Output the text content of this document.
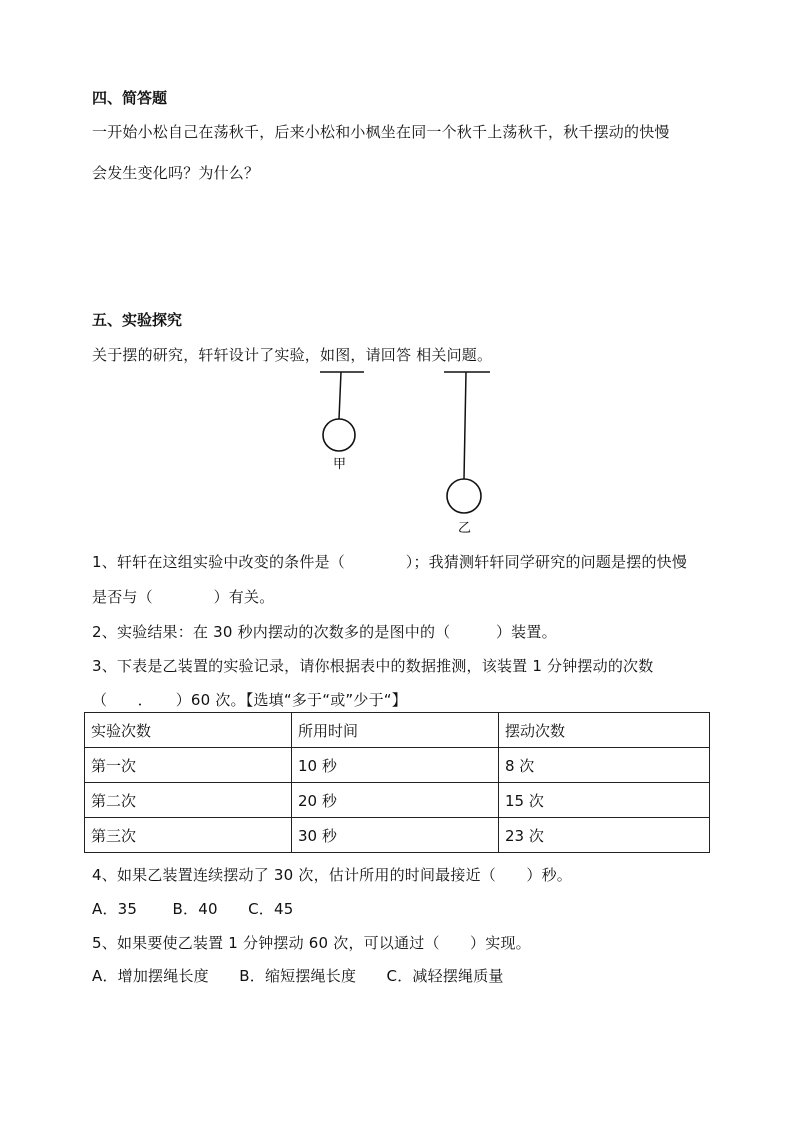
四、简答题
一开始小松自己在荡秋千，后来小松和小枫坐在同一个秋千上荡秋千，秋千摆动的快慢
会发生变化吗？为什么？
五、实验探究
关于摆的研究，轩轩设计了实验，如图，请回答 相关问题。
甲
乙
1、轩轩在这组实验中改变的条件是（　　　　）；我猜测轩轩同学研究的问题是摆的快慢
是否与（　　　　）有关。
2、实验结果：在 30 秒内摆动的次数多的是图中的（　　　）装置。
3、下表是乙装置的实验记录，请你根据表中的数据推测，该装置 1 分钟摆动的次数
（　　．　　）60 次。【选填“多于“或”少于“】
实验次数	所用时间	摆动次数
第一次	10 秒	8 次
第二次	20 秒	15 次
第三次	30 秒	23 次
4、如果乙装置连续摆动了 30 次，估计所用的时间最接近（　　）秒。
A．35　　 B．40　　C．45
5、如果要使乙装置 1 分钟摆动 60 次，可以通过（　　）实现。
A．增加摆绳长度　　B．缩短摆绳长度　　C．减轻摆绳质量
